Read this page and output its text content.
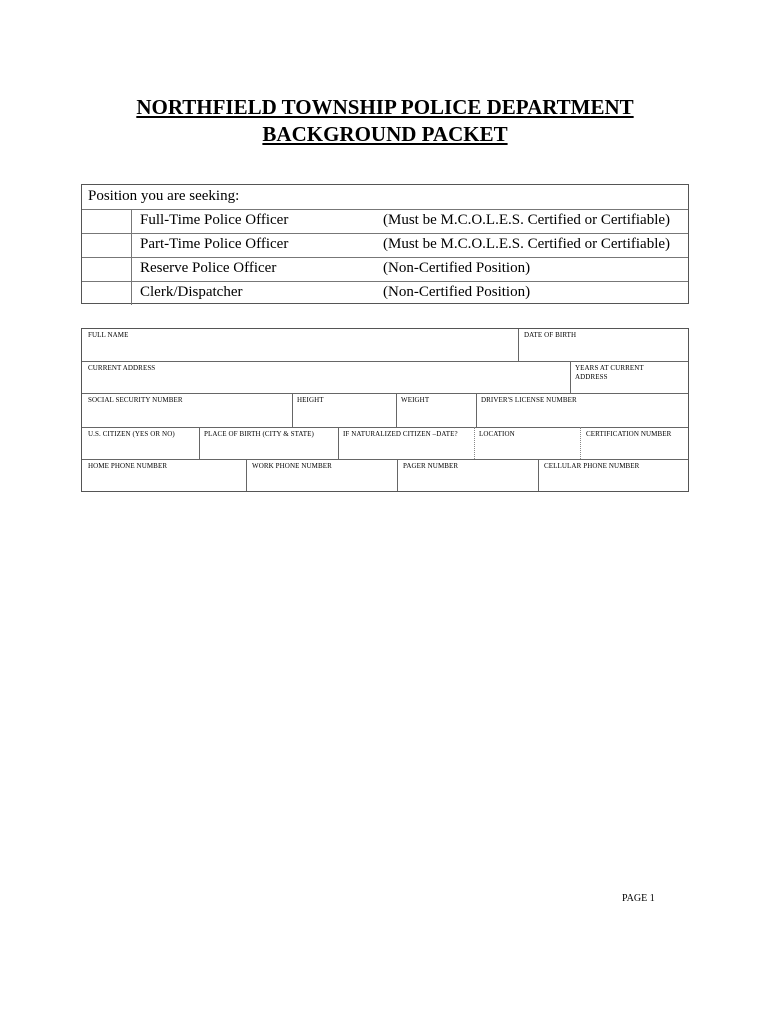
NORTHFIELD TOWNSHIP POLICE DEPARTMENT
BACKGROUND PACKET
Position you are seeking:
Full-Time Police Officer	(Must be M.C.O.L.E.S. Certified or Certifiable)
Part-Time Police Officer	(Must be M.C.O.L.E.S. Certified or Certifiable)
Reserve Police Officer	(Non-Certified Position)
Clerk/Dispatcher	(Non-Certified Position)
FULL NAME	DATE OF BIRTH
CURRENT ADDRESS	YEARS AT CURRENT
ADDRESS
SOCIAL SECURITY NUMBER	HEIGHT	WEIGHT	DRIVER'S LICENSE NUMBER
U.S. CITIZEN (YES OR NO)	PLACE OF BIRTH (CITY & STATE)	IF NATURALIZED CITIZEN –DATE?	LOCATION	CERTIFICATION NUMBER
HOME PHONE NUMBER	WORK PHONE NUMBER	PAGER NUMBER	CELLULAR PHONE NUMBER
PAGE 1
